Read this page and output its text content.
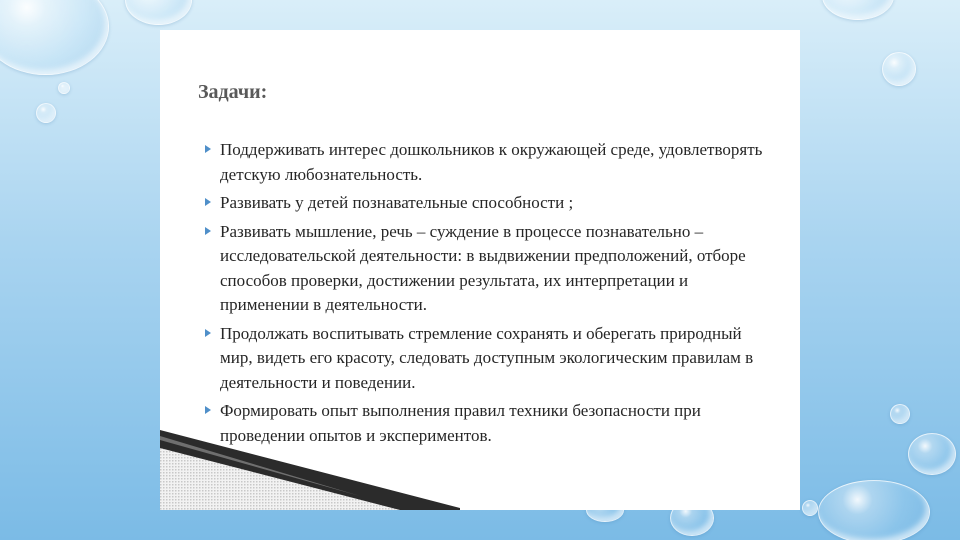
Задачи:
Поддерживать интерес дошкольников к окружающей среде, удовлетворять детскую любознательность.
Развивать у детей познавательные способности ;
Развивать мышление, речь – суждение в процессе познавательно – исследовательской деятельности: в выдвижении предположений, отборе способов проверки, достижении результата, их интерпретации и применении в деятельности.
Продолжать воспитывать стремление сохранять и оберегать природный мир, видеть его красоту, следовать доступным экологическим правилам в деятельности и поведении.
Формировать опыт выполнения правил техники безопасности при проведении опытов и экспериментов.
